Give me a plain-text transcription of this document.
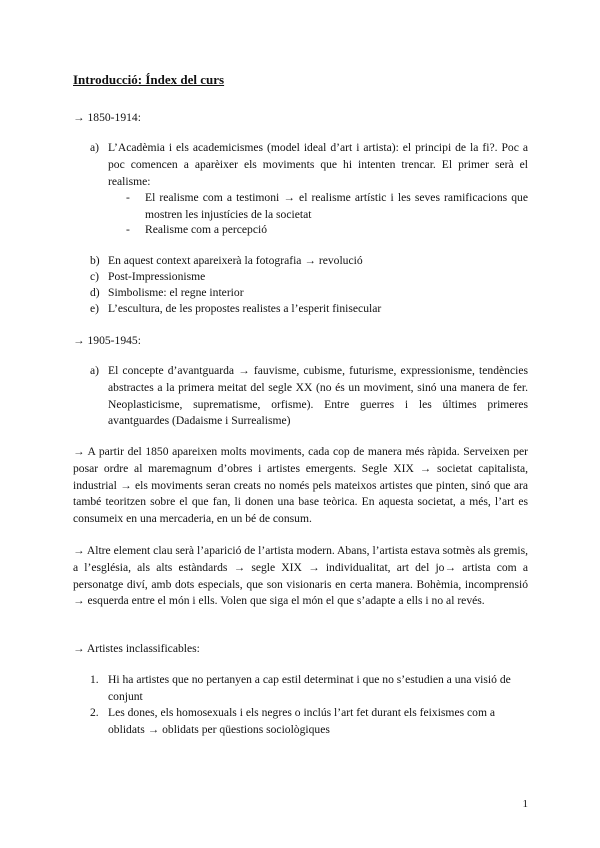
Introducció: Índex del curs
→ 1850-1914:
a) L’Acadèmia i els academicismes (model ideal d’art i artista): el principi de la fi?. Poc a poc comencen a aparèixer els moviments que hi intenten trencar. El primer serà el realisme:
- El realisme com a testimoni → el realisme artístic i les seves ramificacions que mostren les injustícies de la societat
- Realisme com a percepció
b) En aquest context apareixerà la fotografia → revolució
c) Post-Impressionisme
d) Simbolisme: el regne interior
e) L’escultura, de les propostes realistes a l’esperit finisecular
→ 1905-1945:
a) El concepte d’avantguarda → fauvisme, cubisme, futurisme, expressionisme, tendències abstractes a la primera meitat del segle XX (no és un moviment, sinó una manera de fer. Neoplasticisme, suprematisme, orfisme). Entre guerres i les últimes primeres avantguardes (Dadaisme i Surrealisme)
→ A partir del 1850 apareixen molts moviments, cada cop de manera més ràpida. Serveixen per posar ordre al maremagnum d’obres i artistes emergents. Segle XIX → societat capitalista, industrial → els moviments seran creats no només pels mateixos artistes que pinten, sinó que ara també teoritzen sobre el que fan, li donen una base teòrica. En aquesta societat, a més, l’art es consumeix en una mercaderia, en un bé de consum.
→ Altre element clau serà l’aparició de l’artista modern. Abans, l’artista estava sotmès als gremis, a l’església, als alts estàndards → segle XIX → individualitat, art del jo→ artista com a personatge diví, amb dots especials, que son visionaris en certa manera. Bohèmia, incomprensió → esquerda entre el món i ells. Volen que siga el món el que s’adapte a ells i no al revés.
→ Artistes inclassificables:
1. Hi ha artistes que no pertanyen a cap estil determinat i que no s’estudien a una visió de conjunt
2. Les dones, els homosexuals i els negres o inclús l’art fet durant els feixismes com a oblidats → oblidats per qüestions sociològiques
1
